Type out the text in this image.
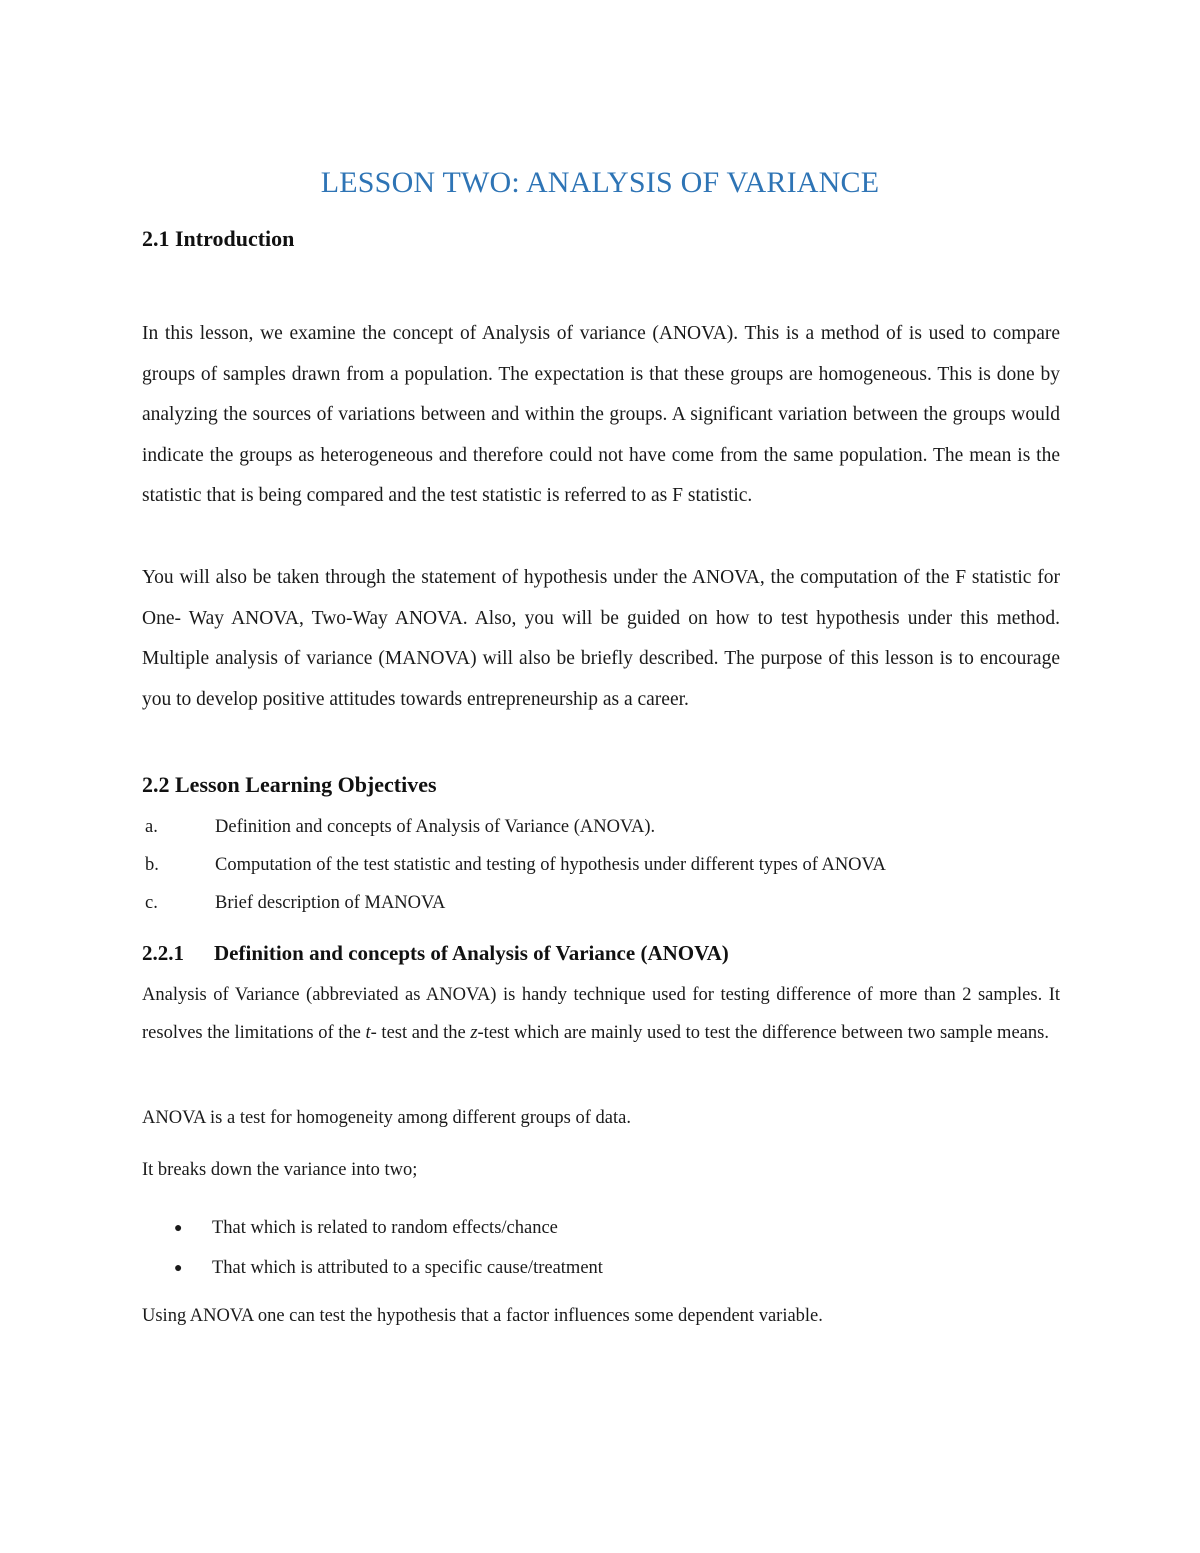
LESSON TWO: ANALYSIS OF VARIANCE
2.1 Introduction
In this lesson, we examine the concept of Analysis of variance (ANOVA). This is a method of is used to compare groups of samples drawn from a population. The expectation is that these groups are homogeneous. This is done by analyzing the sources of variations between and within the groups. A significant variation between the groups would indicate the groups as heterogeneous and therefore could not have come from the same population. The mean is the statistic that is being compared and the test statistic is referred to as F statistic.
You will also be taken through the statement of hypothesis under the ANOVA, the computation of the F statistic for One- Way ANOVA, Two-Way ANOVA. Also, you will be guided on how to test hypothesis under this method. Multiple analysis of variance (MANOVA) will also be briefly described. The purpose of this lesson is to encourage you to develop positive attitudes towards entrepreneurship as a career.
2.2 Lesson Learning Objectives
a.	Definition and concepts of Analysis of Variance (ANOVA).
b.	Computation of the test statistic and testing of hypothesis under different types of ANOVA
c.	Brief description of MANOVA
2.2.1 Definition and concepts of Analysis of Variance (ANOVA)
Analysis of Variance (abbreviated as ANOVA) is handy technique used for testing difference of more than 2 samples. It resolves the limitations of the t- test and the z-test which are mainly used to test the difference between two sample means.
ANOVA is a test for homogeneity among different groups of data.
It breaks down the variance into two;
● That which is related to random effects/chance
● That which is attributed to a specific cause/treatment
Using ANOVA one can test the hypothesis that a factor influences some dependent variable.
